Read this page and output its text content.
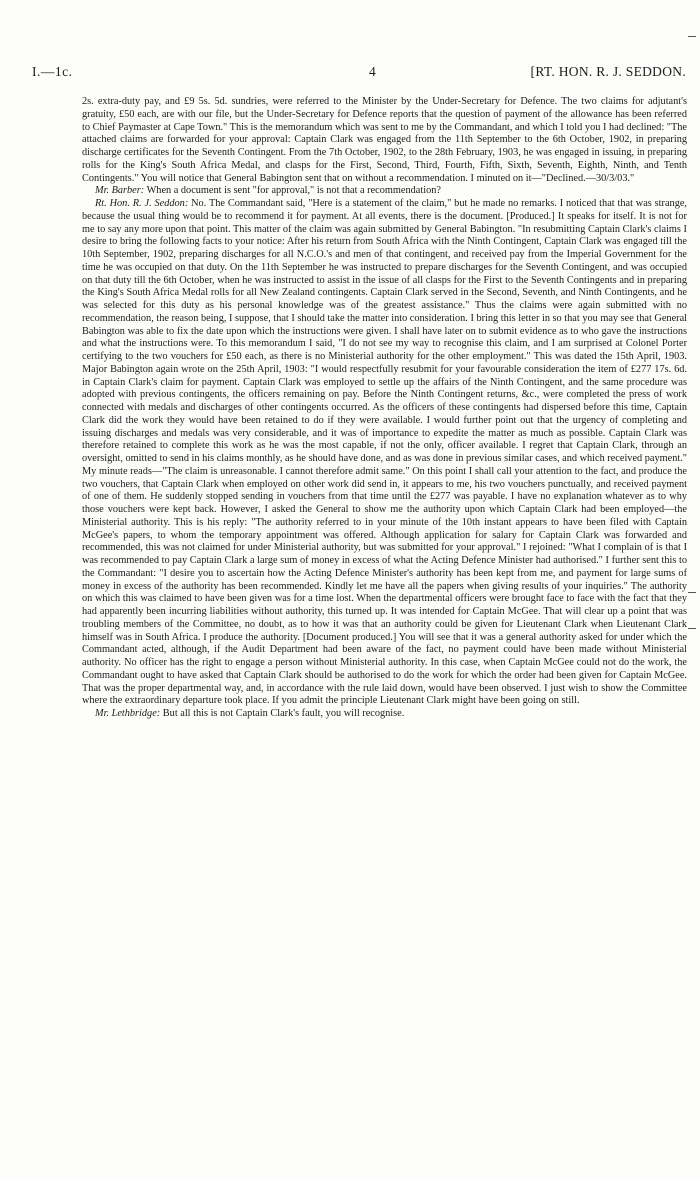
I.—1c.	4	[RT. HON. R. J. SEDDON.

2s. extra-duty pay, and £9 5s. 5d. sundries, were referred to the Minister by the Under-Secretary for Defence. The two claims for adjutant's gratuity, £50 each, are with our file, but the Under-Secretary for Defence reports that the question of payment of the allowance has been referred to Chief Paymaster at Cape Town." This is the memorandum which was sent to me by the Commandant, and which I told you I had declined: "The attached claims are forwarded for your approval: Captain Clark was engaged from the 11th September to the 6th October, 1902, in preparing discharge certificates for the Seventh Contingent. From the 7th October, 1902, to the 28th February, 1903, he was engaged in issuing, in preparing rolls for the King's South Africa Medal, and clasps for the First, Second, Third, Fourth, Fifth, Sixth, Seventh, Eighth, Ninth, and Tenth Contingents." You will notice that General Babington sent that on without a recommendation. I minuted on it—"Declined.—30/3/03."

Mr. Barber: When a document is sent "for approval," is not that a recommendation?

Rt. Hon. R. J. Seddon: No. The Commandant said, "Here is a statement of the claim," but he made no remarks. I noticed that that was strange, because the usual thing would be to recommend it for payment. At all events, there is the document. [Produced.] It speaks for itself. It is not for me to say any more upon that point. This matter of the claim was again submitted by General Babington. "In resubmitting Captain Clark's claims I desire to bring the following facts to your notice: After his return from South Africa with the Ninth Contingent, Captain Clark was engaged till the 10th September, 1902, preparing discharges for all N.C.O.'s and men of that contingent, and received pay from the Imperial Government for the time he was occupied on that duty. On the 11th September he was instructed to prepare discharges for the Seventh Contingent, and was occupied on that duty till the 6th October, when he was instructed to assist in the issue of all clasps for the First to the Seventh Contingents and in preparing the King's South Africa Medal rolls for all New Zealand contingents. Captain Clark served in the Second, Seventh, and Ninth Contingents, and he was selected for this duty as his personal knowledge was of the greatest assistance." Thus the claims were again submitted with no recommendation, the reason being, I suppose, that I should take the matter into consideration. I bring this letter in so that you may see that General Babington was able to fix the date upon which the instructions were given. I shall have later on to submit evidence as to who gave the instructions and what the instructions were. To this memorandum I said, "I do not see my way to recognise this claim, and I am surprised at Colonel Porter certifying to the two vouchers for £50 each, as there is no Ministerial authority for the other employment." This was dated the 15th April, 1903. Major Babington again wrote on the 25th April, 1903: "I would respectfully resubmit for your favourable consideration the item of £277 17s. 6d. in Captain Clark's claim for payment. Captain Clark was employed to settle up the affairs of the Ninth Contingent, and the same procedure was adopted with previous contingents, the officers remaining on pay. Before the Ninth Contingent returns, &c., were completed the press of work connected with medals and discharges of other contingents occurred. As the officers of these contingents had dispersed before this time, Captain Clark did the work they would have been retained to do if they were available. I would further point out that the urgency of completing and issuing discharges and medals was very considerable, and it was of importance to expedite the matter as much as possible. Captain Clark was therefore retained to complete this work as he was the most capable, if not the only, officer available. I regret that Captain Clark, through an oversight, omitted to send in his claims monthly, as he should have done, and as was done in previous similar cases, and which received payment." My minute reads—"The claim is unreasonable. I cannot therefore admit same." On this point I shall call your attention to the fact, and produce the two vouchers, that Captain Clark when employed on other work did send in, it appears to me, his two vouchers punctually, and received payment of one of them. He suddenly stopped sending in vouchers from that time until the £277 was payable. I have no explanation whatever as to why those vouchers were kept back. However, I asked the General to show me the authority upon which Captain Clark had been employed—the Ministerial authority. This is his reply: "The authority referred to in your minute of the 10th instant appears to have been filed with Captain McGee's papers, to whom the temporary appointment was offered. Although application for salary for Captain Clark was forwarded and recommended, this was not claimed for under Ministerial authority, but was submitted for your approval." I rejoined: "What I complain of is that I was recommended to pay Captain Clark a large sum of money in excess of what the Acting Defence Minister had authorised." I further sent this to the Commandant: "I desire you to ascertain how the Acting Defence Minister's authority has been kept from me, and payment for large sums of money in excess of the authority has been recommended. Kindly let me have all the papers when giving results of your inquiries." The authority on which this was claimed to have been given was for a time lost. When the departmental officers were brought face to face with the fact that they had apparently been incurring liabilities without authority, this turned up. It was intended for Captain McGee. That will clear up a point that was troubling members of the Committee, no doubt, as to how it was that an authority could be given for Lieutenant Clark when Lieutenant Clark himself was in South Africa. I produce the authority. [Document produced.] You will see that it was a general authority asked for under which the Commandant acted, although, if the Audit Department had been aware of the fact, no payment could have been made without Ministerial authority. No officer has the right to engage a person without Ministerial authority. In this case, when Captain McGee could not do the work, the Commandant ought to have asked that Captain Clark should be authorised to do the work for which the order had been given for Captain McGee. That was the proper departmental way, and, in accordance with the rule laid down, would have been observed. I just wish to show the Committee where the extraordinary departure took place. If you admit the principle Lieutenant Clark might have been going on still.

Mr. Lethbridge: But all this is not Captain Clark's fault, you will recognise.
